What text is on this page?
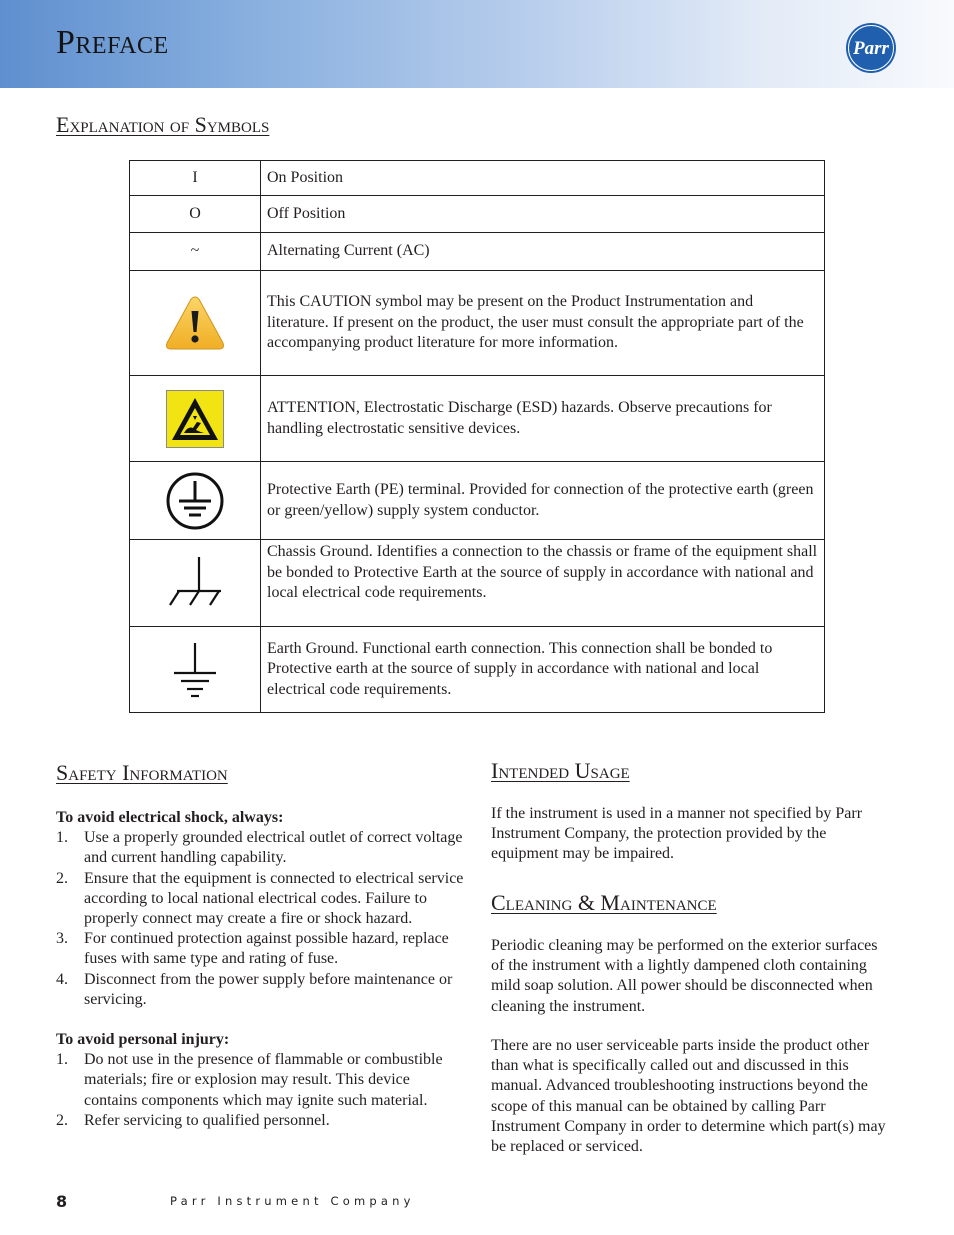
Preface	Parr
Explanation of Symbols
I	On Position
O	Off Position
~	Alternating Current (AC)

	This CAUTION symbol may be present on the Product Instrumentation and literature. If present on the product, the user must consult the appropriate part of the accompanying product literature for more information.

	ATTENTION, Electrostatic Discharge (ESD) hazards. Observe precautions for handling electrostatic sensitive devices.

	Protective Earth (PE) terminal. Provided for connection of the protective earth (green or green/yellow) supply system conductor.

	Chassis Ground. Identifies a connection to the chassis or frame of the equipment shall be bonded to Protective Earth at the source of supply in accordance with national and local electrical code requirements.

	Earth Ground. Functional earth connection. This connection shall be bonded to Protective earth at the source of supply in accordance with national and local electrical code requirements.
Safety Information

To avoid electrical shock, always:

1. Use a properly grounded electrical outlet of correct voltage and current handling capability.
2. Ensure that the equipment is connected to electrical service according to local national electrical codes. Failure to properly connect may create a fire or shock hazard.
3. For continued protection against possible hazard, replace fuses with same type and rating of fuse.
4. Disconnect from the power supply before maintenance or servicing.

To avoid personal injury:

1. Do not use in the presence of flammable or combustible materials; fire or explosion may result. This device contains components which may ignite such material.
2. Refer servicing to qualified personnel.
Intended Usage

If the instrument is used in a manner not specified by Parr Instrument Company, the protection provided by the equipment may be impaired.

Cleaning & Maintenance

Periodic cleaning may be performed on the exterior surfaces of the instrument with a lightly dampened cloth containing mild soap solution. All power should be disconnected when cleaning the instrument.

There are no user serviceable parts inside the product other than what is specifically called out and discussed in this manual. Advanced troubleshooting instructions beyond the scope of this manual can be obtained by calling Parr Instrument Company in order to determine which part(s) may be replaced or serviced.

8	Parr Instrument Company
